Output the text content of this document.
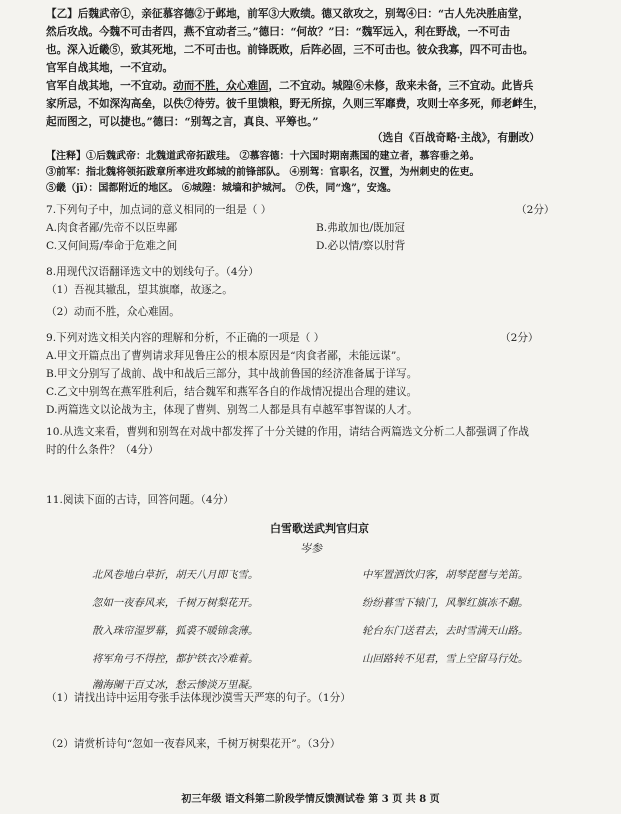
【乙】后魏武帝①，亲征慕容德②于邺地，前军③大败绩。德又欲攻之，别驾④曰：“古人先决胜庙堂，
然后攻战。今魏不可击者四，燕不宜动者三。”德曰：“何故？”曰：“魏军远入，利在野战，一不可击
也。深入近畿⑤，致其死地，二不可击也。前锋既败，后阵必固，三不可击也。彼众我寡，四不可击也。
官军自战其地，一不宜动。
官军自战其地，一不宜动。动而不胜，众心难固，二不宜动。城隍⑥未修，敌来未备，三不宜动。此皆兵
家所忌，不如深沟高垒，以佚⑦待劳。彼千里馈粮，野无所掠，久则三军靡费，攻则士卒多死，师老衅生，
起而图之，可以捷也。”德曰：“别驾之言，真良、平筹也。”
（选自《百战奇略·主战》，有删改）
【注释】①后魏武帝：北魏道武帝拓跋珪。 ②慕容德：十六国时期南燕国的建立者，慕容垂之弟。
③前军：指北魏将领拓跋章所率进攻邺城的前锋部队。 ④别驾：官职名，汉置，为州刺史的佐吏。
⑤畿（jī）：国都附近的地区。 ⑥城隍：城墙和护城河。 ⑦佚，同“逸”，安逸。
7.下列句子中，加点词的意义相同的一组是（ ）	（2分）
A.肉食者鄙/先帝不以臣卑鄙	B.弗敢加也/既加冠
C.又何间焉/奉命于危难之间	D.必以情/察以肘背
8.用现代汉语翻译选文中的划线句子。（4分）
（1）吾视其辙乱，望其旗靡，故逐之。
（2）动而不胜，众心难固。
9.下列对选文相关内容的理解和分析，不正确的一项是（ ）	（2分）
A.甲文开篇点出了曹刿请求拜见鲁庄公的根本原因是“肉食者鄙，未能远谋”。
B.甲文分别写了战前、战中和战后三部分，其中战前鲁国的经济准备属于详写。
C.乙文中别驾在燕军胜利后，结合魏军和燕军各自的作战情况提出合理的建议。
D.两篇选文以论战为主，体现了曹刿、别驾二人都是具有卓越军事智谋的人才。
10.从选文来看，曹刿和别驾在对战中都发挥了十分关键的作用，请结合两篇选文分析二人都强调了作战
时的什么条件？（4分）
11.阅读下面的古诗，回答问题。（4分）
白雪歌送武判官归京
岑参
北风卷地白草折，胡天八月即飞雪。
忽如一夜春风来，千树万树梨花开。
散入珠帘湿罗幕，狐裘不暖锦衾薄。
将军角弓不得控，都护铁衣冷难着。
瀚海阑干百丈冰，愁云惨淡万里凝。
中军置酒饮归客，胡琴琵琶与羌笛。
纷纷暮雪下辕门，风掣红旗冻不翻。
轮台东门送君去，去时雪满天山路。
山回路转不见君，雪上空留马行处。
（1）请找出诗中运用夸张手法体现沙漠雪天严寒的句子。（1分）
（2）请赏析诗句“忽如一夜春风来，千树万树梨花开”。（3分）
初三年级 语文科第二阶段学情反馈测试卷 第 3 页 共 8 页
